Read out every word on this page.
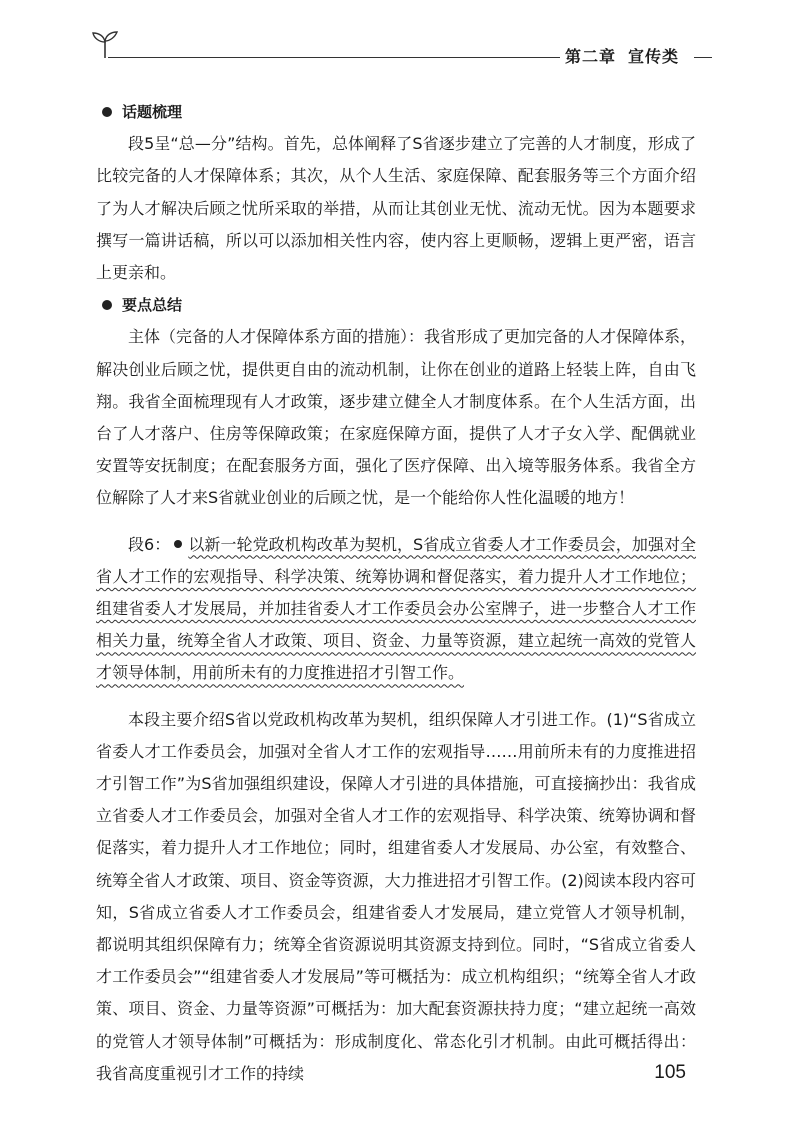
第二章 宣传类
话题梳理

段5呈“总—分”结构。首先，总体阐释了S省逐步建立了完善的人才制度，形成了比较完备的人才保障体系；其次，从个人生活、家庭保障、配套服务等三个方面介绍了为人才解决后顾之忧所采取的举措，从而让其创业无忧、流动无忧。因为本题要求撰写一篇讲话稿，所以可以添加相关性内容，使内容上更顺畅，逻辑上更严密，语言上更亲和。

要点总结

主体（完备的人才保障体系方面的措施）：我省形成了更加完备的人才保障体系，解决创业后顾之忧，提供更自由的流动机制，让你在创业的道路上轻装上阵，自由飞翔。我省全面梳理现有人才政策，逐步建立健全人才制度体系。在个人生活方面，出台了人才落户、住房等保障政策；在家庭保障方面，提供了人才子女入学、配偶就业安置等安抚制度；在配套服务方面，强化了医疗保障、出入境等服务体系。我省全方位解除了人才来S省就业创业的后顾之忧，是一个能给你人性化温暖的地方！

段6： 以新一轮党政机构改革为契机，S省成立省委人才工作委员会，加强对全省人才工作的宏观指导、科学决策、统筹协调和督促落实，着力提升人才工作地位；组建省委人才发展局，并加挂省委人才工作委员会办公室牌子，进一步整合人才工作相关力量，统筹全省人才政策、项目、资金、力量等资源，建立起统一高效的党管人才领导体制，用前所未有的力度推进招才引智工作。

本段主要介绍S省以党政机构改革为契机，组织保障人才引进工作。(1)“S省成立省委人才工作委员会，加强对全省人才工作的宏观指导……用前所未有的力度推进招才引智工作”为S省加强组织建设，保障人才引进的具体措施，可直接摘抄出：我省成立省委人才工作委员会，加强对全省人才工作的宏观指导、科学决策、统筹协调和督促落实，着力提升人才工作地位；同时，组建省委人才发展局、办公室，有效整合、统筹全省人才政策、项目、资金等资源，大力推进招才引智工作。(2)阅读本段内容可知，S省成立省委人才工作委员会，组建省委人才发展局，建立党管人才领导机制，都说明其组织保障有力；统筹全省资源说明其资源支持到位。同时，“S省成立省委人才工作委员会”“组建省委人才发展局”等可概括为：成立机构组织；“统筹全省人才政策、项目、资金、力量等资源”可概括为：加大配套资源扶持力度；“建立起统一高效的党管人才领导体制”可概括为：形成制度化、常态化引才机制。由此可概括得出：我省高度重视引才工作的持续	105
